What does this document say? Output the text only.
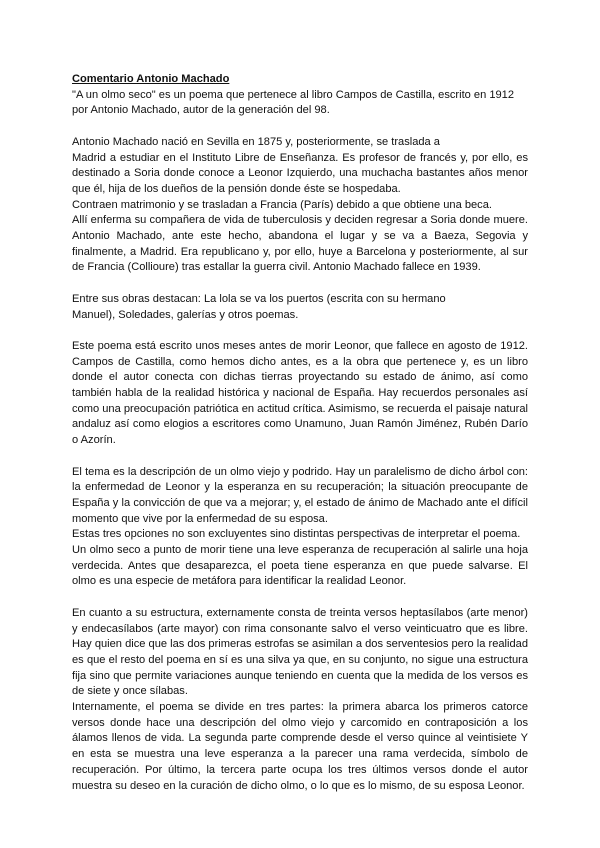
Comentario Antonio Machado

"A un olmo seco" es un poema que pertenece al libro Campos de Castilla, escrito en 1912

por Antonio Machado, autor de la generación del 98.

Antonio Machado nació en Sevilla en 1875 y, posteriormente, se traslada a

Madrid a estudiar en el Instituto Libre de Enseñanza. Es profesor de francés y, por ello, es destinado a Soria donde conoce a Leonor Izquierdo, una muchacha bastantes años menor que él, hija de los dueños de la pensión donde éste se hospedaba.

Contraen matrimonio y se trasladan a Francia (París) debido a que obtiene una beca.

Allí enferma su compañera de vida de tuberculosis y deciden regresar a Soria donde muere. Antonio Machado, ante este hecho, abandona el lugar y se va a Baeza, Segovia y finalmente, a Madrid. Era republicano y, por ello, huye a Barcelona y posteriormente, al sur de Francia (Collioure) tras estallar la guerra civil. Antonio Machado fallece en 1939.

Entre sus obras destacan: La lola se va los puertos (escrita con su hermano

Manuel), Soledades, galerías y otros poemas.

Este poema está escrito unos meses antes de morir Leonor, que fallece en agosto de 1912. Campos de Castilla, como hemos dicho antes, es a la obra que pertenece y, es un libro donde el autor conecta con dichas tierras proyectando su estado de ánimo, así como también habla de la realidad histórica y nacional de España. Hay recuerdos personales así como una preocupación patriótica en actitud crítica. Asimismo, se recuerda el paisaje natural andaluz así como elogios a escritores como Unamuno, Juan Ramón Jiménez, Rubén Darío o Azorín.

El tema es la descripción de un olmo viejo y podrido. Hay un paralelismo de dicho árbol con: la enfermedad de Leonor y la esperanza en su recuperación; la situación preocupante de España y la convicción de que va a mejorar; y, el estado de ánimo de Machado ante el difícil momento que vive por la enfermedad de su esposa.

Estas tres opciones no son excluyentes sino distintas perspectivas de interpretar el poema.

Un olmo seco a punto de morir tiene una leve esperanza de recuperación al salirle una hoja verdecida. Antes que desaparezca, el poeta tiene esperanza en que puede salvarse. El olmo es una especie de metáfora para identificar la realidad Leonor.

En cuanto a su estructura, externamente consta de treinta versos heptasílabos (arte menor) y endecasílabos (arte mayor) con rima consonante salvo el verso veinticuatro que es libre. Hay quien dice que las dos primeras estrofas se asimilan a dos serventesios pero la realidad es que el resto del poema en sí es una silva ya que, en su conjunto, no sigue una estructura fija sino que permite variaciones aunque teniendo en cuenta que la medida de los versos es de siete y once sílabas.

Internamente, el poema se divide en tres partes: la primera abarca los primeros catorce versos donde hace una descripción del olmo viejo y carcomido en contraposición a los álamos llenos de vida. La segunda parte comprende desde el verso quince al veintisiete Y en esta se muestra una leve esperanza a la parecer una rama verdecida, símbolo de recuperación. Por último, la tercera parte ocupa los tres últimos versos donde el autor muestra su deseo en la curación de dicho olmo, o lo que es lo mismo, de su esposa Leonor.
